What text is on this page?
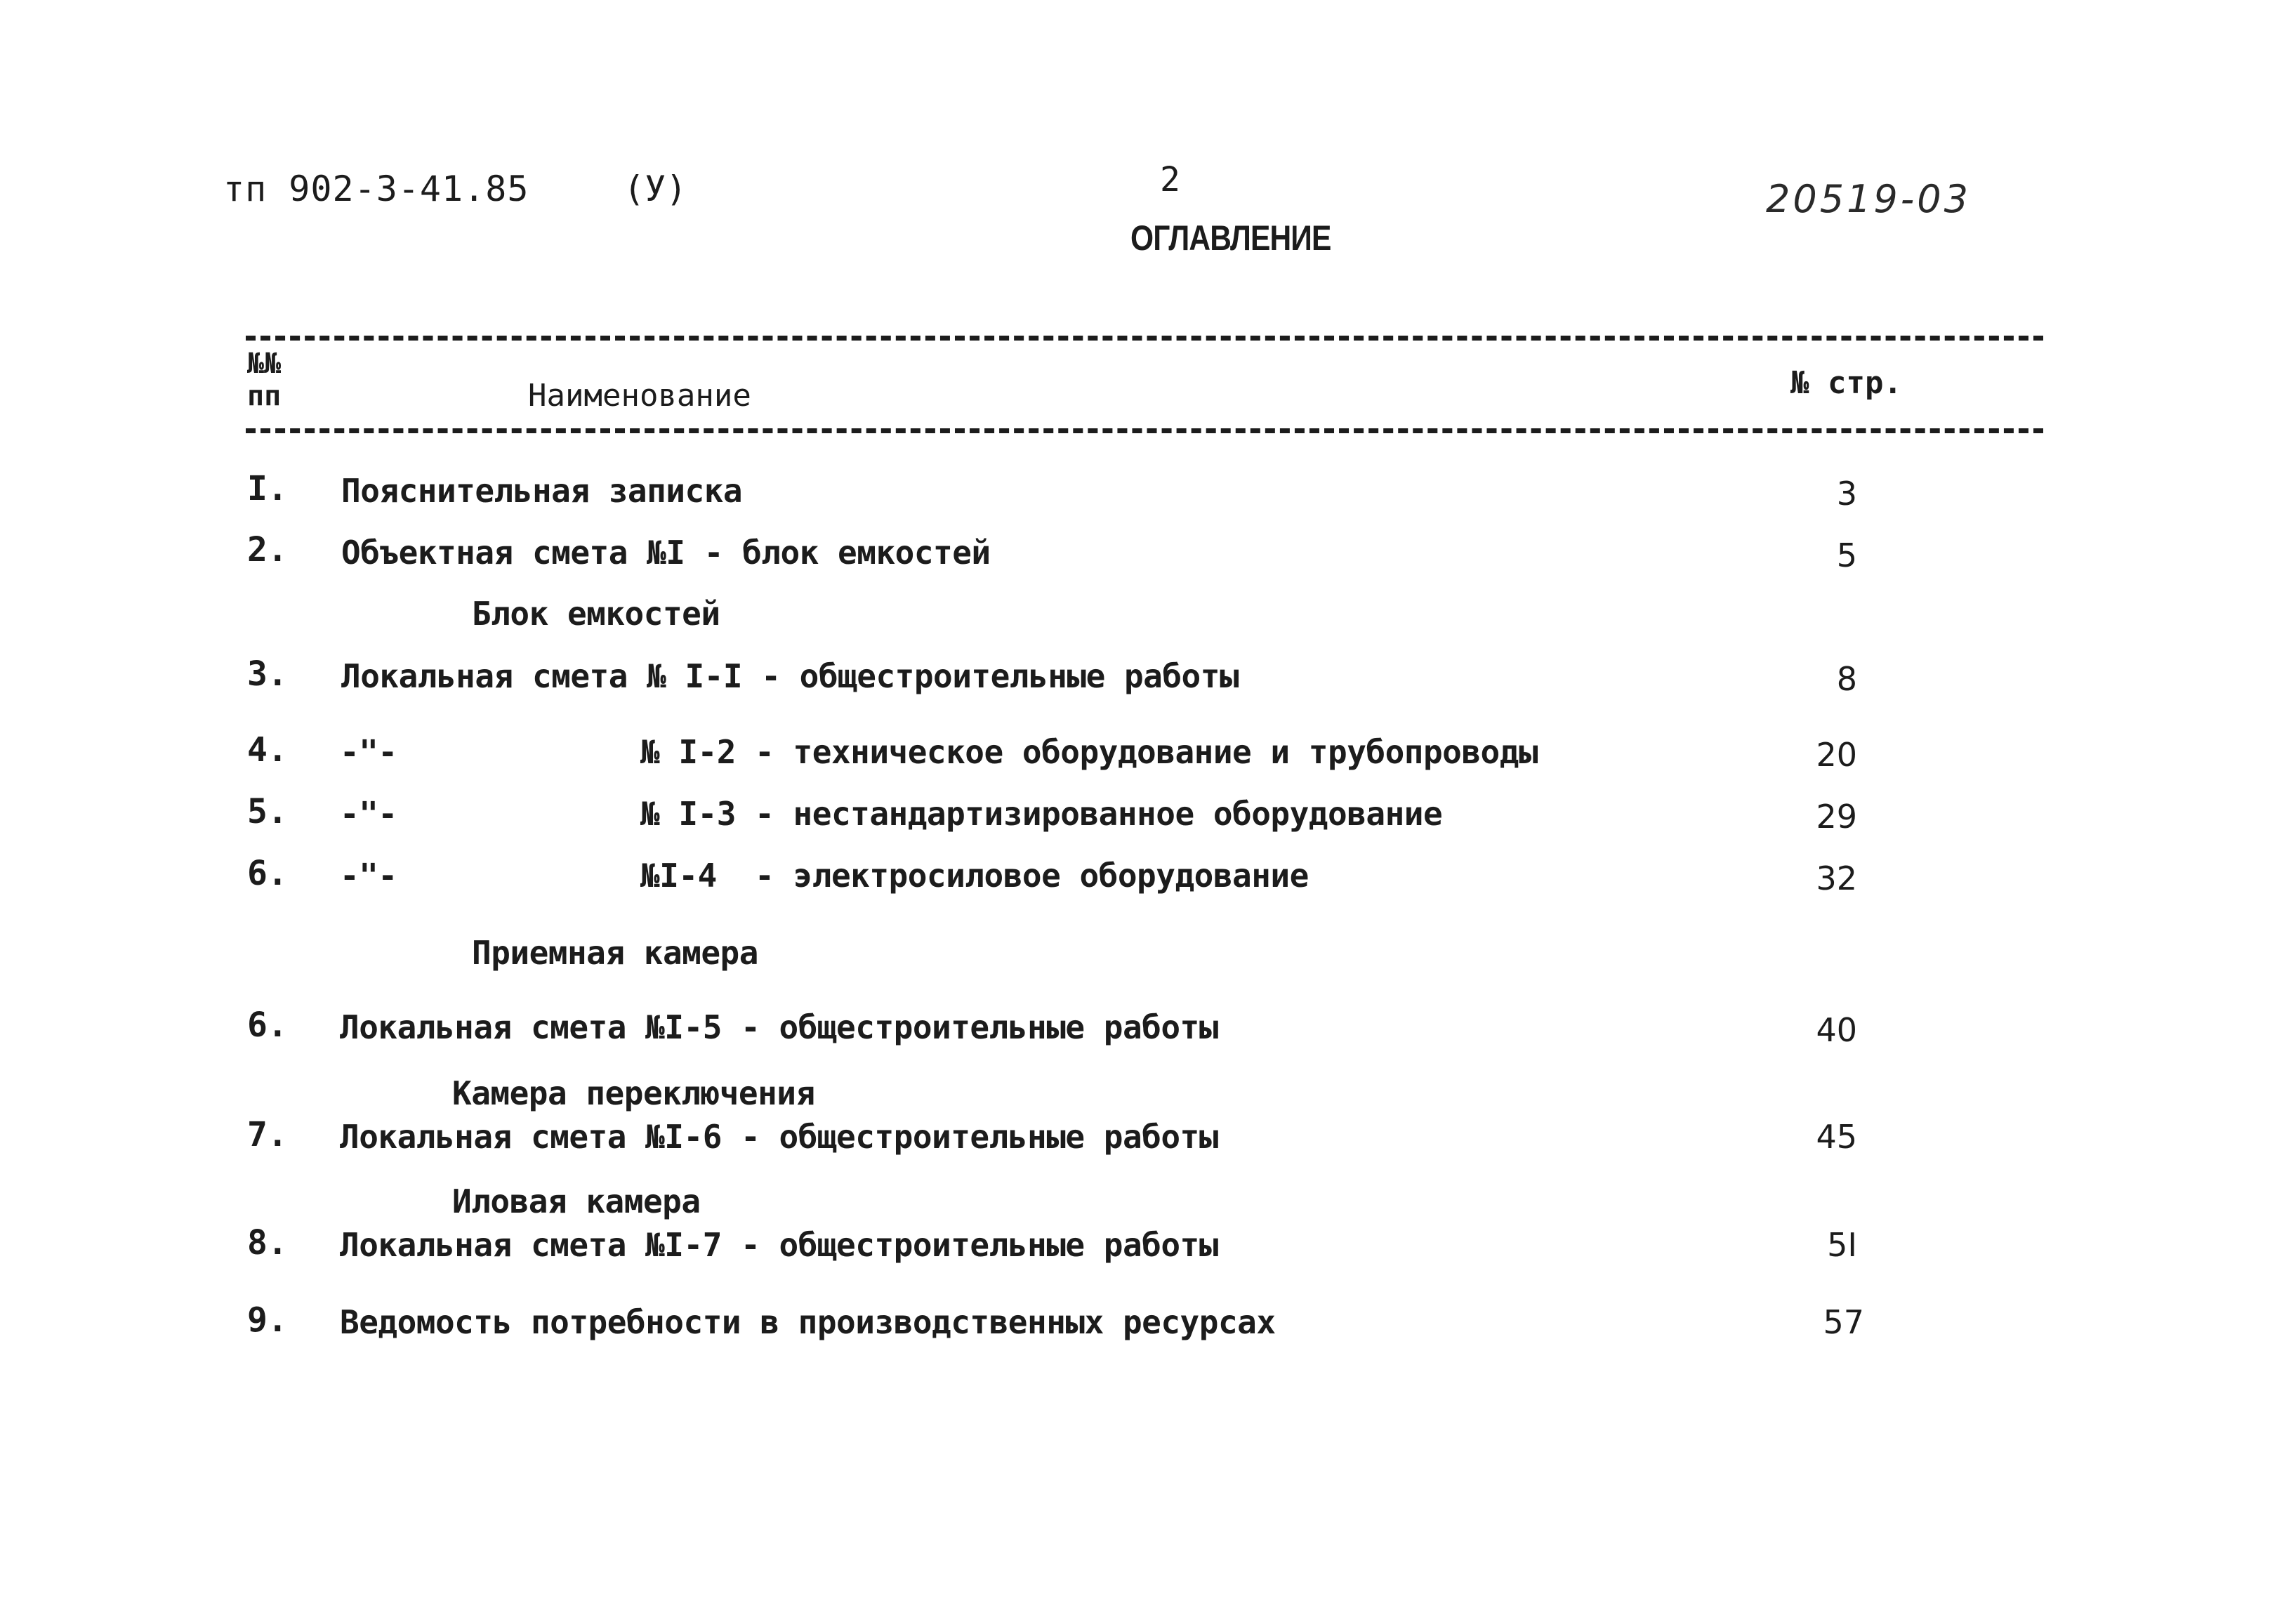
тп 902-3-41.85	(У)	2
ОГЛАВЛЕНИЕ
20519-03
№№
пп	Наименование	№ стр.
I. Пояснительная записка	3
2. Объектная смета №I - блок емкостей	5
Блок емкостей
3. Локальная смета № I-I - общестроительные работы	8
4. -"-	№ I-2 - техническое оборудование и трубопроводы	20
5. -"-	№ I-3 - нестандартизированное оборудование	29
6. -"-	№I-4  - электросиловое оборудование	32
Приемная камера
6. Локальная смета №I-5 - общестроительные работы	40
Камера переключения
7. Локальная смета №I-6 - общестроительные работы	45
Иловая камера
8. Локальная смета №I-7 - общестроительные работы	5I
9. Ведомость потребности в производственных ресурсах	57
